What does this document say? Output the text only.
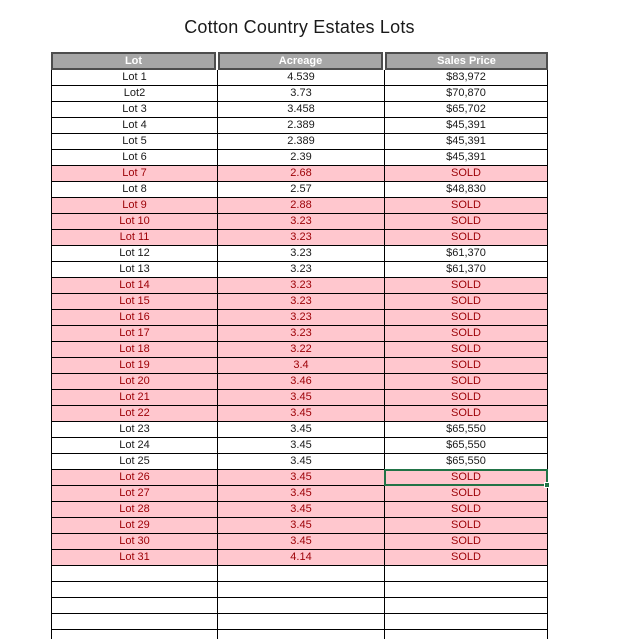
Cotton Country Estates Lots
Lot	Acreage	Sales Price
Lot 1	4.539	$83,972
Lot2	3.73	$70,870
Lot 3	3.458	$65,702
Lot 4	2.389	$45,391
Lot 5	2.389	$45,391
Lot 6	2.39	$45,391
Lot 7	2.68	SOLD
Lot 8	2.57	$48,830
Lot 9	2.88	SOLD
Lot 10	3.23	SOLD
Lot 11	3.23	SOLD
Lot 12	3.23	$61,370
Lot 13	3.23	$61,370
Lot 14	3.23	SOLD
Lot 15	3.23	SOLD
Lot 16	3.23	SOLD
Lot 17	3.23	SOLD
Lot 18	3.22	SOLD
Lot 19	3.4	SOLD
Lot 20	3.46	SOLD
Lot 21	3.45	SOLD
Lot 22	3.45	SOLD
Lot 23	3.45	$65,550
Lot 24	3.45	$65,550
Lot 25	3.45	$65,550
Lot 26	3.45	SOLD
Lot 27	3.45	SOLD
Lot 28	3.45	SOLD
Lot 29	3.45	SOLD
Lot 30	3.45	SOLD
Lot 31	4.14	SOLD
